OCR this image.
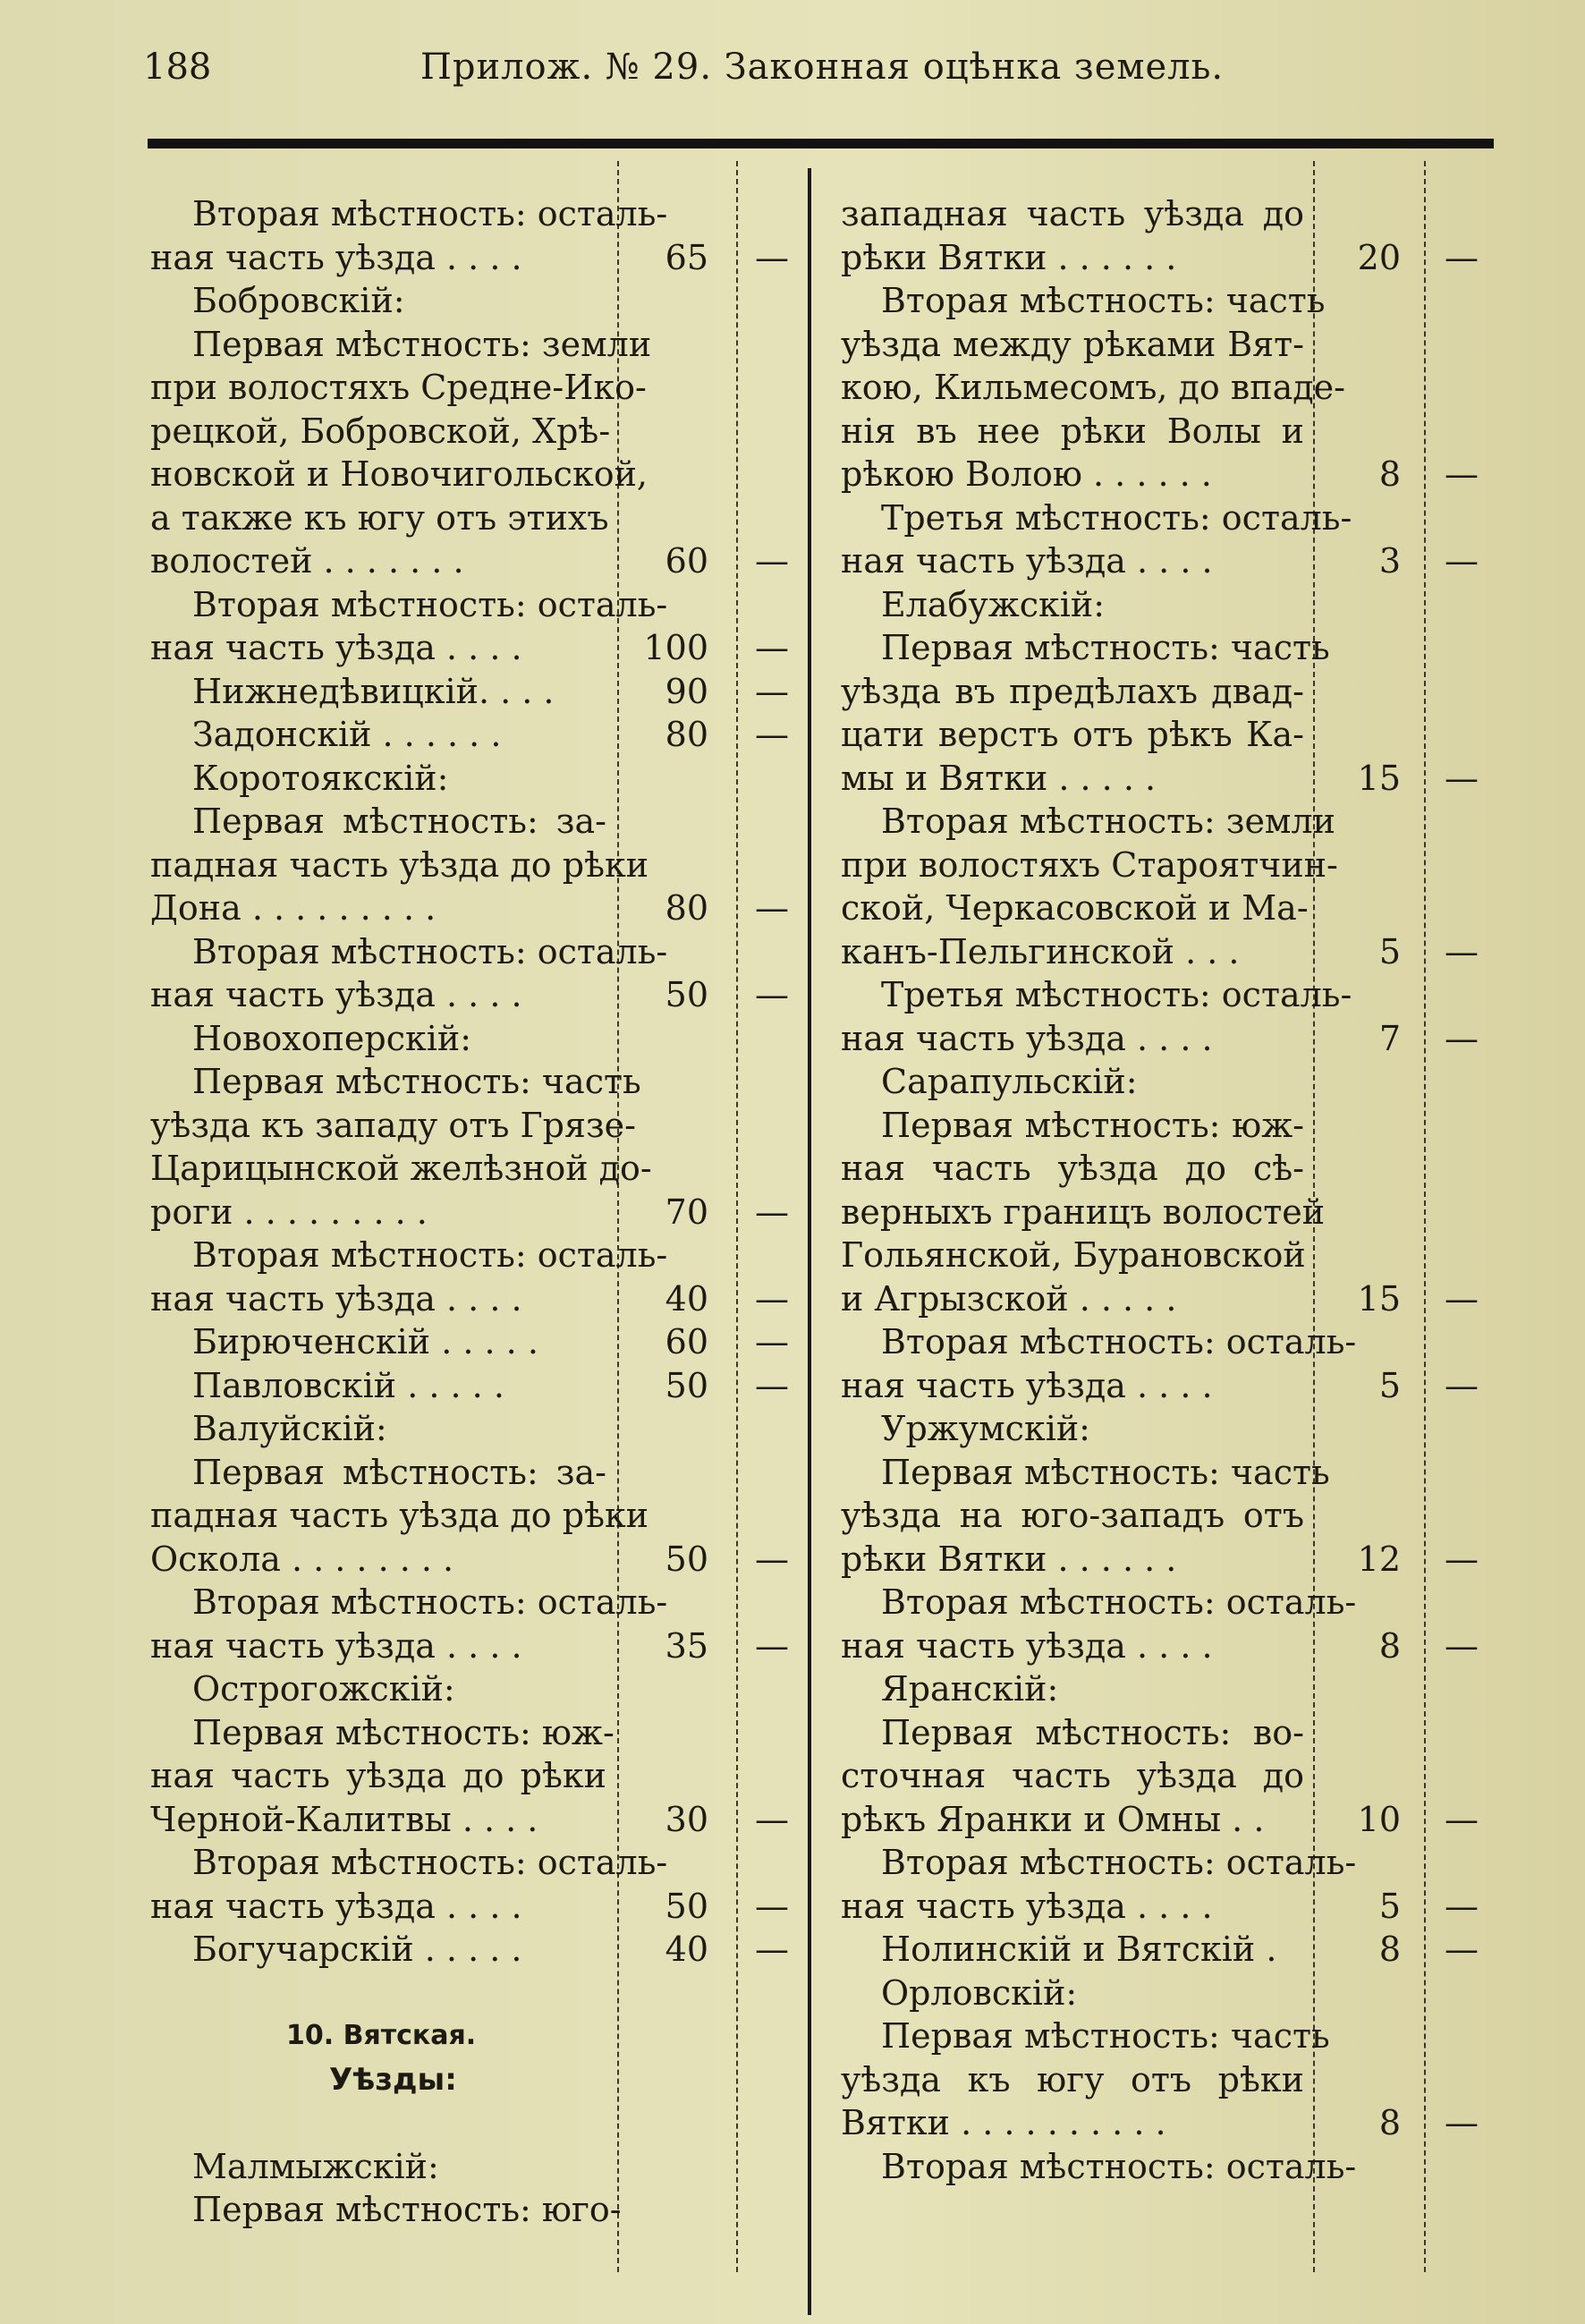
188	Прилож. № 29. Законная оцѣнка земель.
Вторая мѣстность: осталь-
ная часть уѣзда . . . .	65 —
Бобровскій:
Первая мѣстность: земли
при волостяхъ Средне-Ико-
рецкой, Бобровской, Хрѣ-
новской и Новочигольской,
а также къ югу отъ этихъ
волостей . . . . . . .	60 —
Вторая мѣстность: осталь-
ная часть уѣзда . . . .	100 —
Нижнедѣвицкій. . . .	90 —
Задонскій . . . . . .	80 —
Коротоякскій:
Первая мѣстность: за-
падная часть уѣзда до рѣки
Дона . . . . . . . . .	80 —
Вторая мѣстность: осталь-
ная часть уѣзда . . . .	50 —
Новохоперскій:
Первая мѣстность: часть
уѣзда къ западу отъ Грязе-
Царицынской желѣзной до-
роги . . . . . . . . .	70 —
Вторая мѣстность: осталь-
ная часть уѣзда . . . .	40 —
Бирюченскій . . . . .	60 —
Павловскій . . . . .	50 —
Валуйскій:
Первая мѣстность: за-
падная часть уѣзда до рѣки
Оскола . . . . . . . .	50 —
Вторая мѣстность: осталь-
ная часть уѣзда . . . .	35 —
Острогожскій:
Первая мѣстность: юж-
ная часть уѣзда до рѣки
Черной-Калитвы . . . .	30 —
Вторая мѣстность: осталь-
ная часть уѣзда . . . .	50 —
Богучарскій . . . . .	40 —
10. Вятская.
Уѣзды:
Малмыжскій:
Первая мѣстность: юго-
западная часть уѣзда до
рѣки Вятки . . . . . .	20 —
Вторая мѣстность: часть
уѣзда между рѣками Вят-
кою, Кильмесомъ, до впаде-
нія въ нее рѣки Волы и
рѣкою Волою . . . . . .	8 —
Третья мѣстность: осталь-
ная часть уѣзда . . . .	3 —
Елабужскій:
Первая мѣстность: часть
уѣзда въ предѣлахъ двад-
цати верстъ отъ рѣкъ Ка-
мы и Вятки . . . . .	15 —
Вторая мѣстность: земли
при волостяхъ Староятчин-
ской, Черкасовской и Ма-
канъ-Пельгинской . . .	5 —
Третья мѣстность: осталь-
ная часть уѣзда . . . .	7 —
Сарапульскій:
Первая мѣстность: юж-
ная часть уѣзда до сѣ-
верныхъ границъ волостей
Гольянской, Бурановской
и Агрызской . . . . .	15 —
Вторая мѣстность: осталь-
ная часть уѣзда . . . .	5 —
Уржумскій:
Первая мѣстность: часть
уѣзда на юго-западъ отъ
рѣки Вятки . . . . . .	12 —
Вторая мѣстность: осталь-
ная часть уѣзда . . . .	8 —
Яранскій:
Первая мѣстность: во-
сточная часть уѣзда до
рѣкъ Яранки и Омны . .	10 —
Вторая мѣстность: осталь-
ная часть уѣзда . . . .	5 —
Нолинскій и Вятскій .	8 —
Орловскій:
Первая мѣстность: часть
уѣзда къ югу отъ рѣки
Вятки . . . . . . . . . .	8 —
Вторая мѣстность: осталь-
